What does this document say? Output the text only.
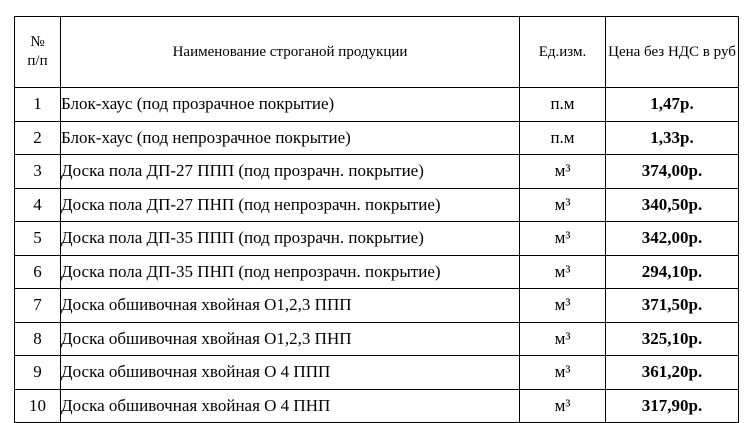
№
п/п	Наименование строганой продукции	Ед.изм.	Цена без НДС в руб
1	Блок-хаус (под прозрачное покрытие)	п.м	1,47р.
2	Блок-хаус (под непрозрачное покрытие)	п.м	1,33р.
3	Доска пола ДП-27 ППП (под прозрачн. покрытие)	м³	374,00р.
4	Доска пола ДП-27 ПНП (под непрозрачн. покрытие)	м³	340,50р.
5	Доска пола ДП-35 ППП (под прозрачн. покрытие)	м³	342,00р.
6	Доска пола ДП-35 ПНП (под непрозрачн. покрытие)	м³	294,10р.
7	Доска обшивочная хвойная О1,2,3 ППП	м³	371,50р.
8	Доска обшивочная хвойная О1,2,3 ПНП	м³	325,10р.
9	Доска обшивочная хвойная О 4 ППП	м³	361,20р.
10	Доска обшивочная хвойная О 4 ПНП	м³	317,90р.
